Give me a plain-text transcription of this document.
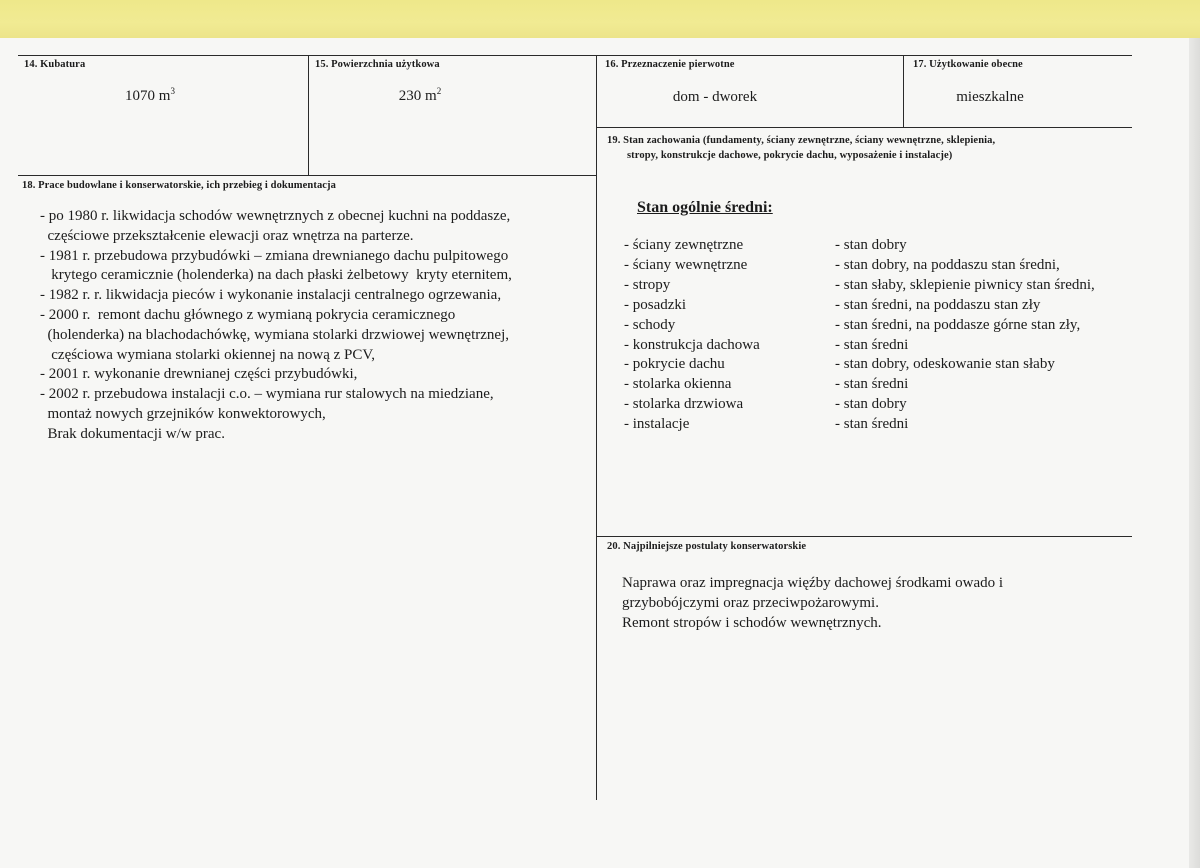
14. Kubatura
1070 $m^3$
15. Powierzchnia użytkowa
230 $m^2$
16. Przeznaczenie pierwotne
dom - dworek
17. Użytkowanie obecne
mieszkalne
19. Stan zachowania (fundamenty, ściany zewnętrzne, ściany wewnętrzne, sklepienia,
stropy, konstrukcje dachowe, pokrycie dachu, wyposażenie i instalacje)
Stan ogólnie średni:
- ściany zewnętrzne	- stan dobry
- ściany wewnętrzne	- stan dobry, na poddaszu stan średni,
- stropy	- stan słaby, sklepienie piwnicy stan średni,
- posadzki	- stan średni, na poddaszu stan zły
- schody	- stan średni, na poddasze górne stan zły,
- konstrukcja dachowa	- stan średni
- pokrycie dachu	- stan dobry, odeskowanie stan słaby
- stolarka okienna	- stan średni
- stolarka drzwiowa	- stan dobry
- instalacje	- stan średni
18. Prace budowlane i konserwatorskie, ich przebieg i dokumentacja
- po 1980 r. likwidacja schodów wewnętrznych z obecnej kuchni na poddasze,
częściowe przekształcenie elewacji oraz wnętrza na parterze.
- 1981 r. przebudowa przybudówki – zmiana drewnianego dachu pulpitowego
krytego ceramicznie (holenderka) na dach płaski żelbetowy  kryty eternitem,
- 1982 r. r. likwidacja pieców i wykonanie instalacji centralnego ogrzewania,
- 2000 r.  remont dachu głównego z wymianą pokrycia ceramicznego
(holenderka) na blachodachówkę, wymiana stolarki drzwiowej wewnętrznej,
częściowa wymiana stolarki okiennej na nową z PCV,
- 2001 r. wykonanie drewnianej części przybudówki,
- 2002 r. przebudowa instalacji c.o. – wymiana rur stalowych na miedziane,
montaż nowych grzejników konwektorowych,
Brak dokumentacji w/w prac.
20. Najpilniejsze postulaty konserwatorskie
Naprawa oraz impregnacja więźby dachowej środkami owado i
grzybobójczymi oraz przeciwpożarowymi.
Remont stropów i schodów wewnętrznych.
